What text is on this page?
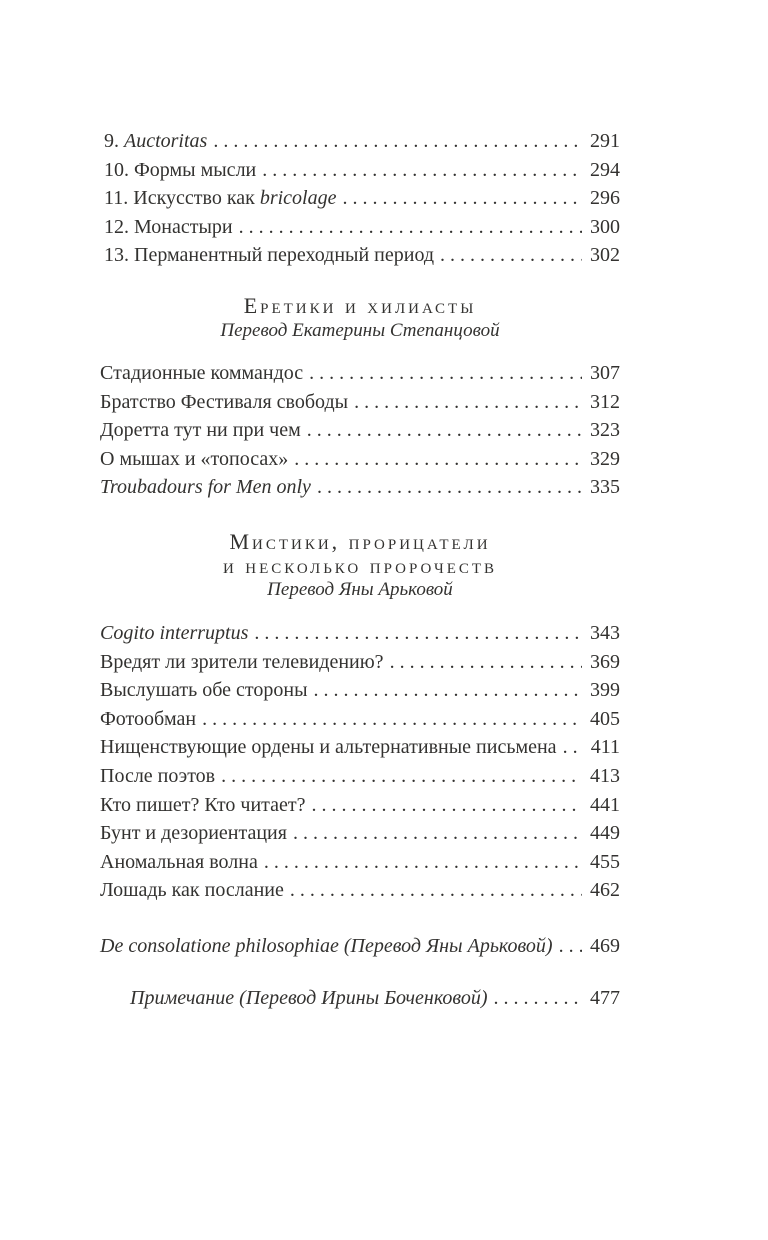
9. Auctoritas . . .	291
10. Формы мысли . . .	294
11. Искусство как bricolage . . .	296
12. Монастыри . . .	300
13. Перманентный переходный период . . .	302
Еретики и хилиасты
Перевод Екатерины Степанцовой
Стадионные коммандос . . .	307
Братство Фестиваля свободы . . .	312
Доретта тут ни при чем . . .	323
О мышах и «топосах» . . .	329
Troubadours for Men only . . .	335
Мистики, прорицатели
и несколько пророчеств
Перевод Яны Арьковой
Cogito interruptus . . .	343
Вредят ли зрители телевидению? . . .	369
Выслушать обе стороны . . .	399
Фотообман . . .	405
Нищенствующие ордены и альтернативные письмена . . . 411
После поэтов . . .	413
Кто пишет? Кто читает? . . .	441
Бунт и дезориентация . . .	449
Аномальная волна . . .	455
Лошадь как послание . . .	462
De consolatione philosophiae (Перевод Яны Арьковой) . . . 469
Примечание (Перевод Ирины Боченковой) . . .	477
